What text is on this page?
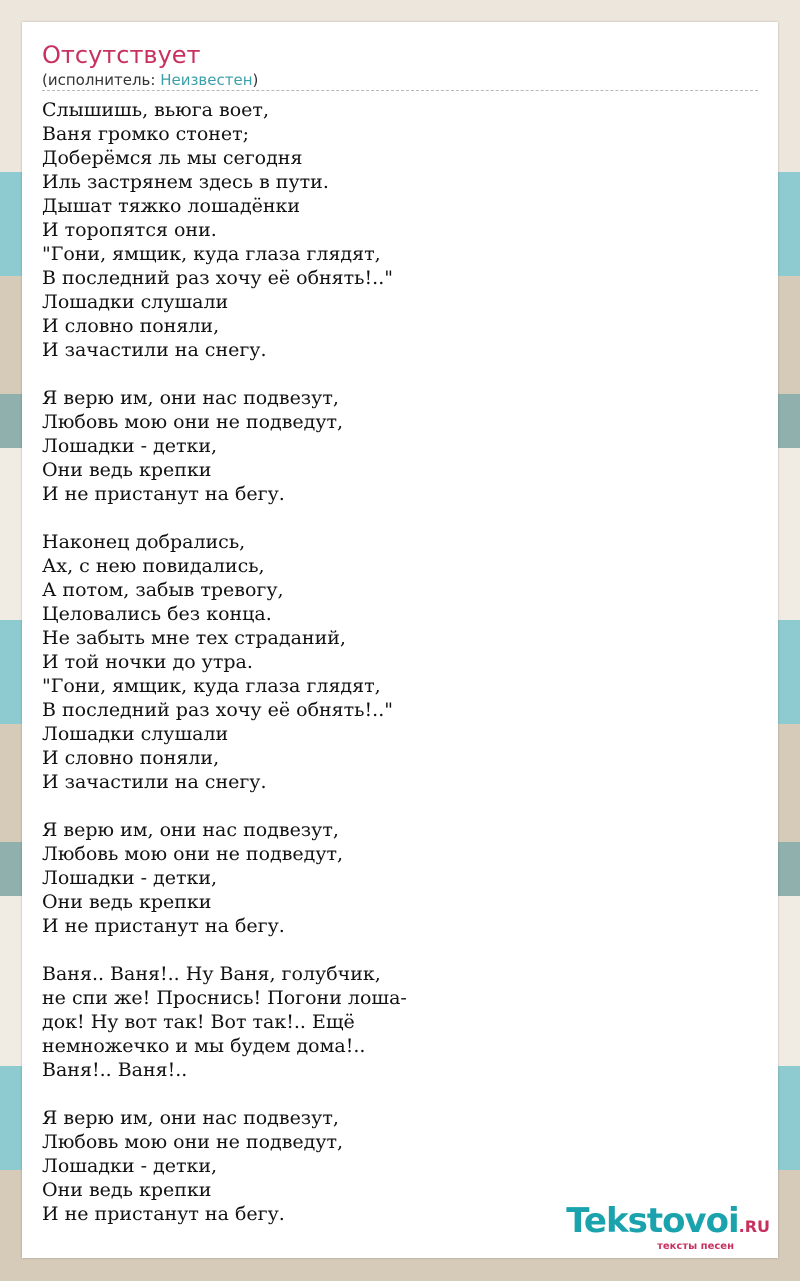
Отсутствует
(исполнитель: Неизвестен)
Слышишь, вьюга воет,
Ваня громко стонет;
Доберёмся ль мы сегодня
Иль застрянем здесь в пути.
Дышат тяжко лошадёнки
И торопятся они.
"Гони, ямщик, куда глаза глядят,
В последний раз хочу её обнять!.."
Лошадки слушали
И словно поняли,
И зачастили на снегу.
Я верю им, они нас подвезут,
Любовь мою они не подведут,
Лошадки - детки,
Они ведь крепки
И не пристанут на бегу.
Наконец добрались,
Ах, с нею повидались,
А потом, забыв тревогу,
Целовались без конца.
Не забыть мне тех страданий,
И той ночки до утра.
"Гони, ямщик, куда глаза глядят,
В последний раз хочу её обнять!.."
Лошадки слушали
И словно поняли,
И зачастили на снегу.
Я верю им, они нас подвезут,
Любовь мою они не подведут,
Лошадки - детки,
Они ведь крепки
И не пристанут на бегу.
Ваня.. Ваня!.. Ну Ваня, голубчик,
не спи же! Проснись! Погони лоша-
док! Ну вот так! Вот так!.. Ещё
немножечко и мы будем дома!..
Ваня!.. Ваня!..
Я верю им, они нас подвезут,
Любовь мою они не подведут,
Лошадки - детки,
Они ведь крепки
И не пристанут на бегу.	Tekstovoi.RU
тексты песен
